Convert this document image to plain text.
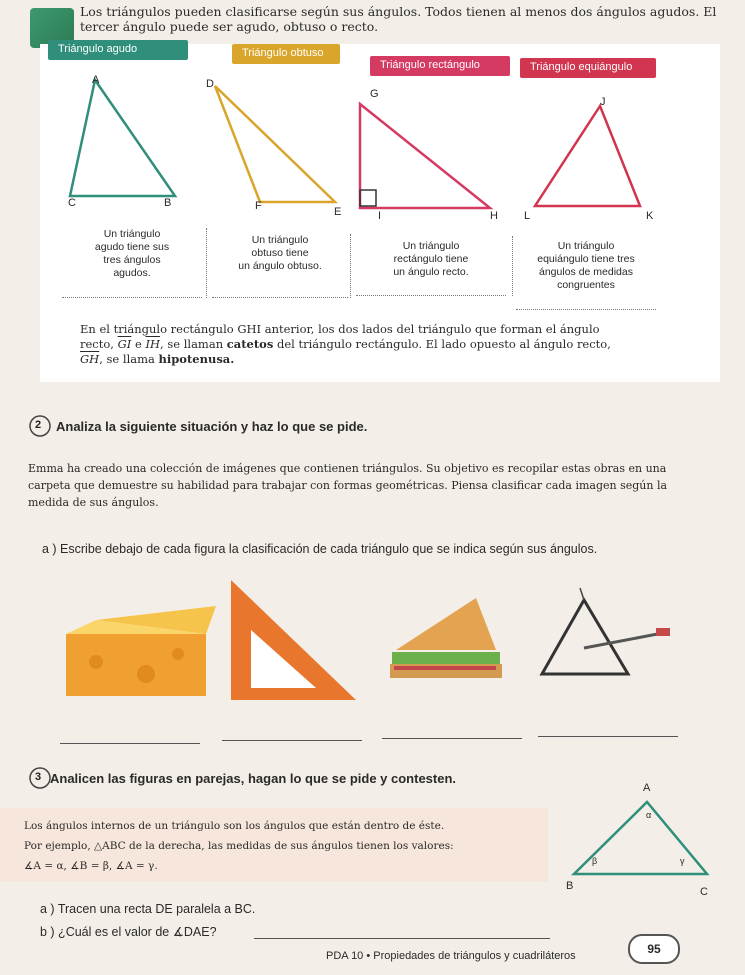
Los triángulos pueden clasificarse según sus ángulos. Todos tienen al menos dos ángulos agudos. El
tercer ángulo puede ser agudo, obtuso o recto.
Triángulo agudo	Triángulo obtuso
Triángulo rectángulo	Triángulo equiángulo
A
C	B
D
F	E
G
I	H
J
L	K
Un triángulo
agudo tiene sus
tres ángulos
agudos.
Un triángulo
obtuso tiene
un ángulo obtuso.
Un triángulo
rectángulo tiene
un ángulo recto.
Un triángulo
equiángulo tiene tres
ángulos de medidas
congruentes
En el triángulo rectángulo GHI anterior, los dos lados del triángulo que forman el ángulo
recto, $\overline{GI}$ e $\overline{IH}$, se llaman catetos del triángulo rectángulo. El lado opuesto al ángulo recto,
$\overline{GH}$, se llama hipotenusa.
2 Analiza la siguiente situación y haz lo que se pide.
Emma ha creado una colección de imágenes que contienen triángulos. Su objetivo es recopilar estas obras en una
carpeta que demuestre su habilidad para trabajar con formas geométricas. Piensa clasificar cada imagen según la
medida de sus ángulos.
a ) Escribe debajo de cada figura la clasificación de cada triángulo que se indica según sus ángulos.
3 Analicen las figuras en parejas, hagan lo que se pide y contesten.
Los ángulos internos de un triángulo son los ángulos que están dentro de éste.
Por ejemplo, △ABC de la derecha, las medidas de sus ángulos tienen los valores:
∡A = α, ∡B = β, ∡A = γ.
A
α
β	γ
B	C
a ) Tracen una recta DE paralela a BC.
b ) ¿Cuál es el valor de ∡DAE?
PDA 10 • Propiedades de triángulos y cuadriláteros	95
